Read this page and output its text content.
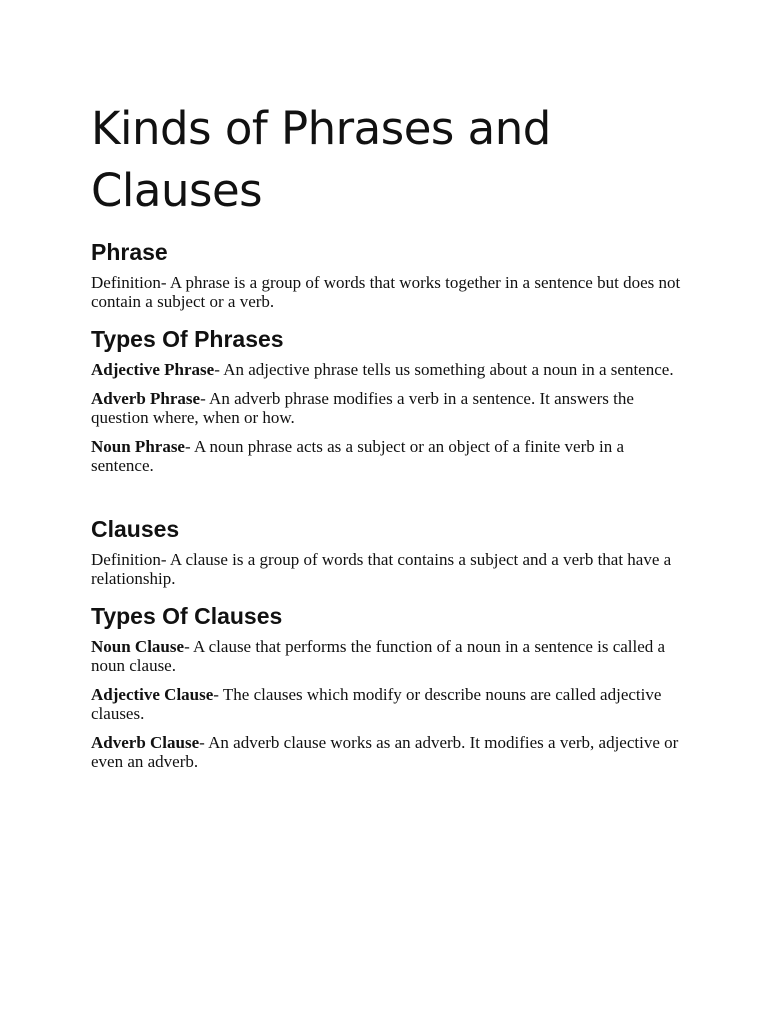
Kinds of Phrases and Clauses
Phrase

Definition- A phrase is a group of words that works together in a sentence but does not contain a subject or a verb.

Types Of Phrases

Adjective Phrase- An adjective phrase tells us something about a noun in a sentence.

Adverb Phrase- An adverb phrase modifies a verb in a sentence. It answers the question where, when or how.

Noun Phrase- A noun phrase acts as a subject or an object of a finite verb in a sentence.

Clauses

Definition- A clause is a group of words that contains a subject and a verb that have a relationship.

Types Of Clauses

Noun Clause- A clause that performs the function of a noun in a sentence is called a noun clause.

Adjective Clause- The clauses which modify or describe nouns are called adjective clauses.

Adverb Clause- An adverb clause works as an adverb. It modifies a verb, adjective or even an adverb.
